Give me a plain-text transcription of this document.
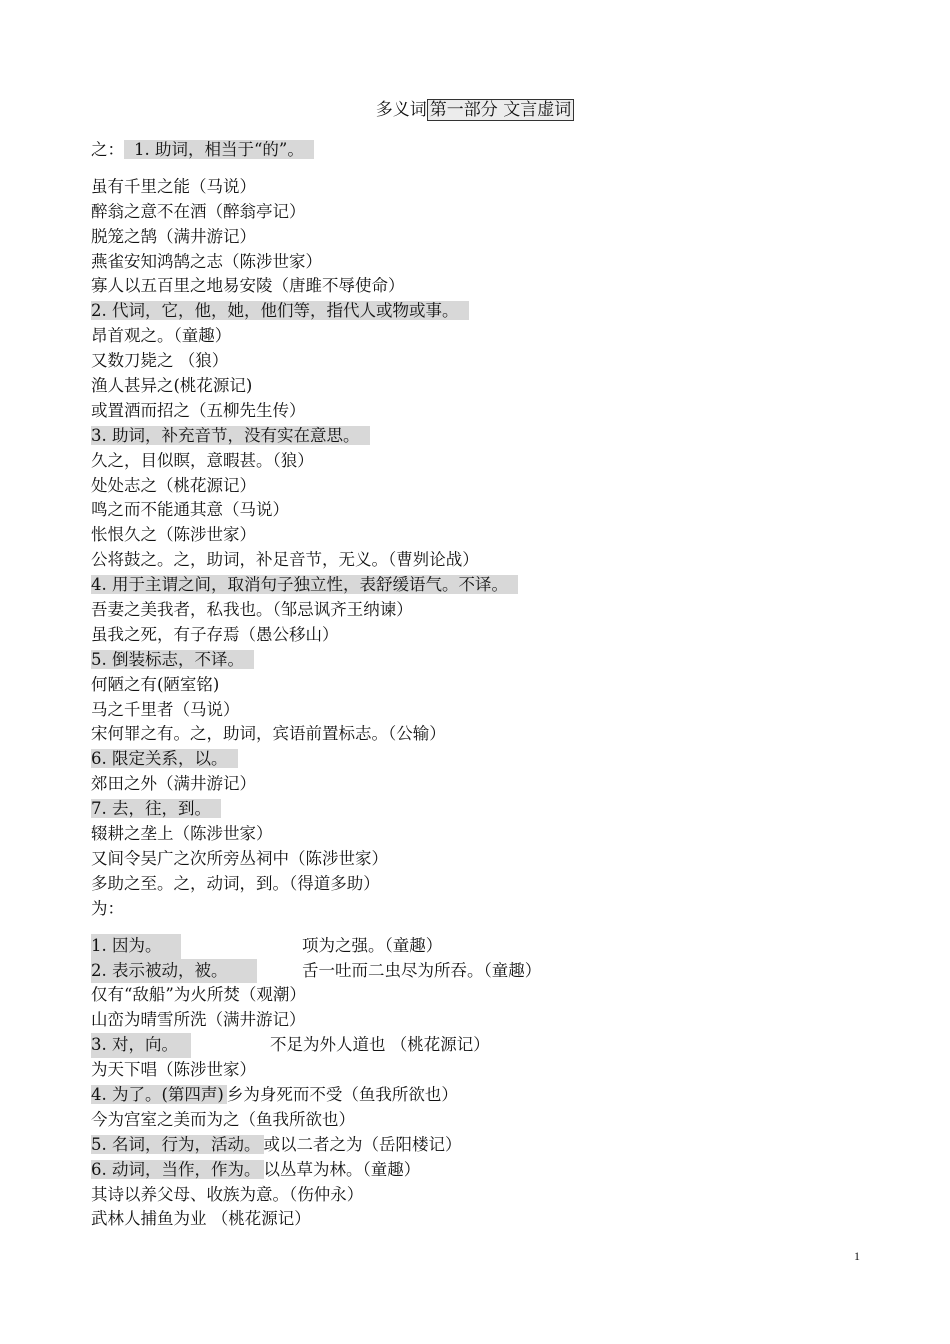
多义词 第一部分 文言虚词
之： 1. 助词，相当于“的”。
虽有千里之能（马说）
醉翁之意不在酒（醉翁亭记）
脱笼之鹄（满井游记）
燕雀安知鸿鹄之志（陈涉世家）
寡人以五百里之地易安陵（唐雎不辱使命）
2. 代词，它，他，她，他们等，指代人或物或事。
昂首观之。（童趣）
又数刀毙之 （狼）
渔人甚异之(桃花源记)
或置酒而招之（五柳先生传）
3. 助词，补充音节，没有实在意思。
久之，目似瞑，意暇甚。（狼）
处处志之（桃花源记）
鸣之而不能通其意（马说）
怅恨久之（陈涉世家）
公将鼓之。之，助词，补足音节，无义。（曹刿论战）
4. 用于主谓之间，取消句子独立性，表舒缓语气。不译。
吾妻之美我者，私我也。（邹忌讽齐王纳谏）
虽我之死，有子存焉（愚公移山）
5. 倒装标志，不译。
何陋之有(陋室铭)
马之千里者（马说）
宋何罪之有。之，助词，宾语前置标志。（公输）
6. 限定关系，以。
郊田之外（满井游记）
7. 去，往，到。
辍耕之垄上（陈涉世家）
又间令吴广之次所旁丛祠中（陈涉世家）
多助之至。之，动词，到。（得道多助）
为：
1. 因为。	项为之强。（童趣）
2. 表示被动，被。	舌一吐而二虫尽为所吞。（童趣）
仅有“敌船”为火所焚（观潮）
山峦为晴雪所洗（满井游记）
3. 对，向。	不足为外人道也 （桃花源记）
为天下唱（陈涉世家）
4. 为了。(第四声) 乡为身死而不受（鱼我所欲也）
今为宫室之美而为之（鱼我所欲也）
5. 名词，行为，活动。 或以二者之为（岳阳楼记）
6. 动词，当作，作为。 以丛草为林。（童趣）
其诗以养父母、收族为意。（伤仲永）
武林人捕鱼为业 （桃花源记）
1
